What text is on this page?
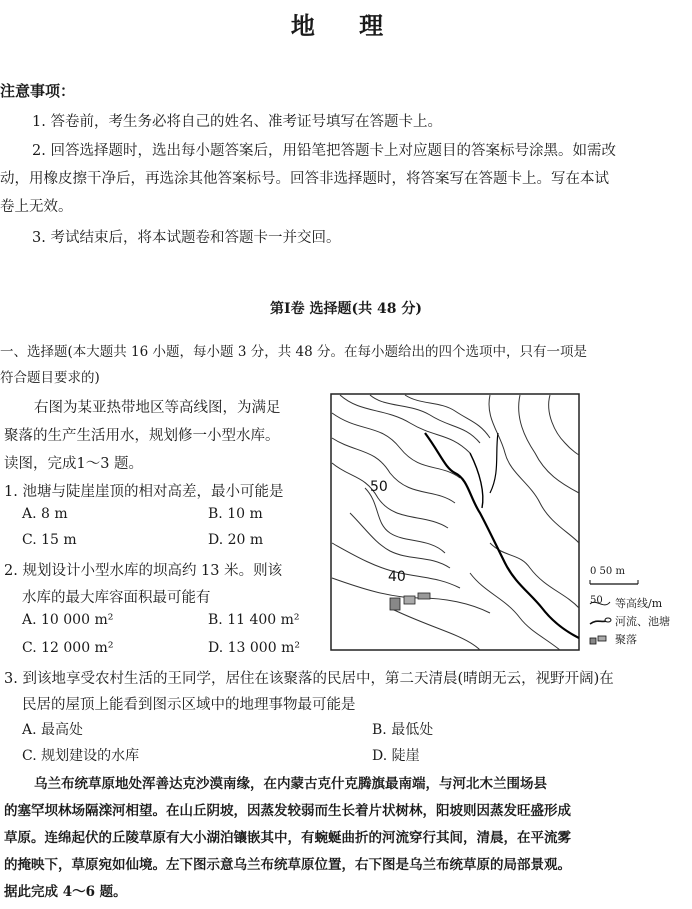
地 理
注意事项：
1. 答卷前，考生务必将自己的姓名、准考证号填写在答题卡上。
2. 回答选择题时，选出每小题答案后，用铅笔把答题卡上对应题目的答案标号涂黑。如需改
动，用橡皮擦干净后，再选涂其他答案标号。回答非选择题时，将答案写在答题卡上。写在本试
卷上无效。
3. 考试结束后，将本试题卷和答题卡一并交回。
第Ⅰ卷 选择题(共 48 分)
一、选择题(本大题共 16 小题，每小题 3 分，共 48 分。在每小题给出的四个选项中，只有一项是
符合题目要求的)
右图为某亚热带地区等高线图，为满足
聚落的生产生活用水，规划修一小型水库。
读图，完成1～3 题。
1. 池塘与陡崖崖顶的相对高差，最小可能是
A. 8 m	B. 10 m
C. 15 m	D. 20 m
2. 规划设计小型水库的坝高约 13 米。则该
水库的最大库容面积最可能有
A. 10 000 m²	B. 11 400 m²
C. 12 000 m²	D. 13 000 m²
3. 到该地享受农村生活的王同学，居住在该聚落的民居中，第二天清晨(晴朗无云，视野开阔)在
民居的屋顶上能看到图示区域中的地理事物最可能是
A. 最高处	B. 最低处
C. 规划建设的水库	D. 陡崖
乌兰布统草原地处浑善达克沙漠南缘，在内蒙古克什克腾旗最南端，与河北木兰围场县
的塞罕坝林场隔滦河相望。在山丘阴坡，因蒸发较弱而生长着片状树林，阳坡则因蒸发旺盛形成
草原。连绵起伏的丘陵草原有大小湖泊镶嵌其中，有蜿蜒曲折的河流穿行其间，清晨，在平流雾
的掩映下，草原宛如仙境。左下图示意乌兰布统草原位置，右下图是乌兰布统草原的局部景观。
据此完成 4～6 题。
50
40	0 50 m
等高线/m
河流、池塘
聚落
50
